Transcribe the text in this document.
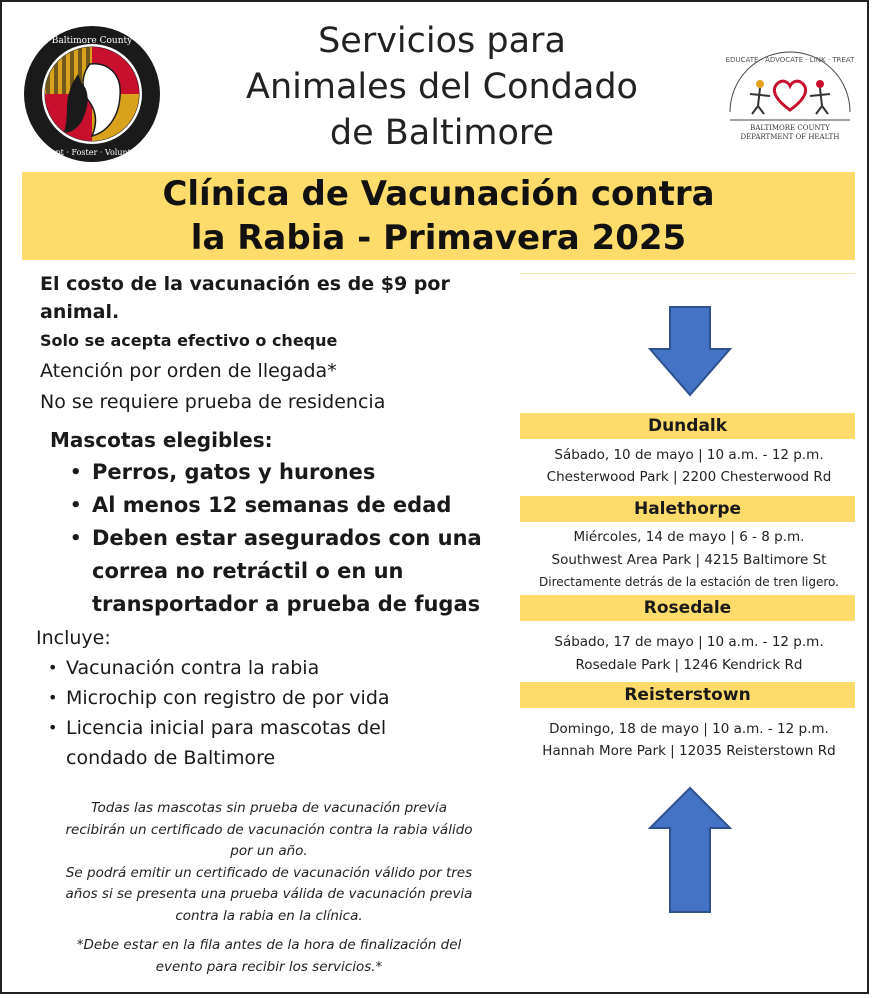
Baltimore County
Adopt · Foster · Volunteer
Servicios para
Animales del Condado
de Baltimore
EDUCATE · ADVOCATE · LINK · TREAT
BALTIMORE COUNTY
DEPARTMENT OF HEALTH
Clínica de Vacunación contra
la Rabia - Primavera 2025

El costo de la vacunación es de $9 por
animal.

Solo se acepta efectivo o cheque

Atención por orden de llegada*

No se requiere prueba de residencia

Mascotas elegibles:

• Perros, gatos y hurones
• Al menos 12 semanas de edad
• Deben estar asegurados con una
correa no retráctil o en un
transportador a prueba de fugas

Incluye:

• Vacunación contra la rabia
• Microchip con registro de por vida
• Licencia inicial para mascotas del
condado de Baltimore

Todas las mascotas sin prueba de vacunación previa

recibirán un certificado de vacunación contra la rabia válido

por un año.

Se podrá emitir un certificado de vacunación válido por tres

años si se presenta una prueba válida de vacunación previa

contra la rabia en la clínica.

*Debe estar en la fila antes de la hora de finalización del

evento para recibir los servicios.*

Dundalk
Sábado, 10 de mayo | 10 a.m. - 12 p.m.
Chesterwood Park | 2200 Chesterwood Rd
Halethorpe
Miércoles, 14 de mayo | 6 - 8 p.m.
Southwest Area Park | 4215 Baltimore St
Directamente detrás de la estación de tren ligero.
Rosedale
Sábado, 17 de mayo | 10 a.m. - 12 p.m.
Rosedale Park | 1246 Kendrick Rd
Reisterstown
Domingo, 18 de mayo | 10 a.m. - 12 p.m.
Hannah More Park | 12035 Reisterstown Rd
